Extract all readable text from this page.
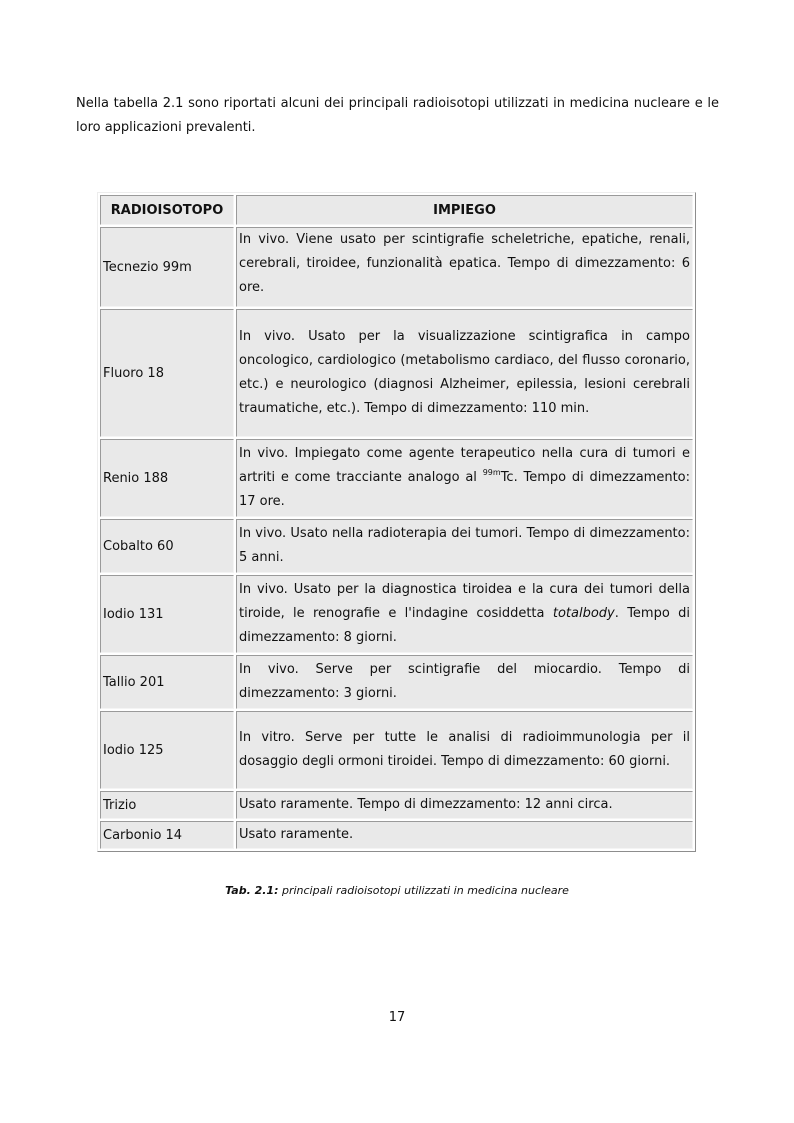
Nella tabella 2.1 sono riportati alcuni dei principali radioisotopi utilizzati in medicina nucleare e le loro applicazioni prevalenti.

RADIOISOTOPO	IMPIEGO
Tecnezio 99m	In vivo. Viene usato per scintigrafie scheletriche, epatiche, renali, cerebrali, tiroidee, funzionalità epatica. Tempo di dimezzamento: 6 ore.
Fluoro 18	In vivo. Usato per la visualizzazione scintigrafica in campo oncologico, cardiologico (metabolismo cardiaco, del flusso coronario, etc.) e neurologico (diagnosi Alzheimer, epilessia, lesioni cerebrali traumatiche, etc.). Tempo di dimezzamento: 110 min.
Renio 188	In vivo. Impiegato come agente terapeutico nella cura di tumori e artriti e come tracciante analogo al $^{99m}$Tc. Tempo di dimezzamento: 17 ore.
Cobalto 60	In vivo. Usato nella radioterapia dei tumori. Tempo di dimezzamento: 5 anni.
Iodio 131	In vivo. Usato per la diagnostica tiroidea e la cura dei tumori della tiroide, le renografie e l'indagine cosiddetta totalbody. Tempo di dimezzamento: 8 giorni.
Tallio 201	In vivo. Serve per scintigrafie del miocardio. Tempo di dimezzamento: 3 giorni.
Iodio 125	In vitro. Serve per tutte le analisi di radioimmunologia per il dosaggio degli ormoni tiroidei. Tempo di dimezzamento: 60 giorni.
Trizio	Usato raramente. Tempo di dimezzamento: 12 anni circa.
Carbonio 14	Usato raramente.
Tab. 2.1: principali radioisotopi utilizzati in medicina nucleare
17
